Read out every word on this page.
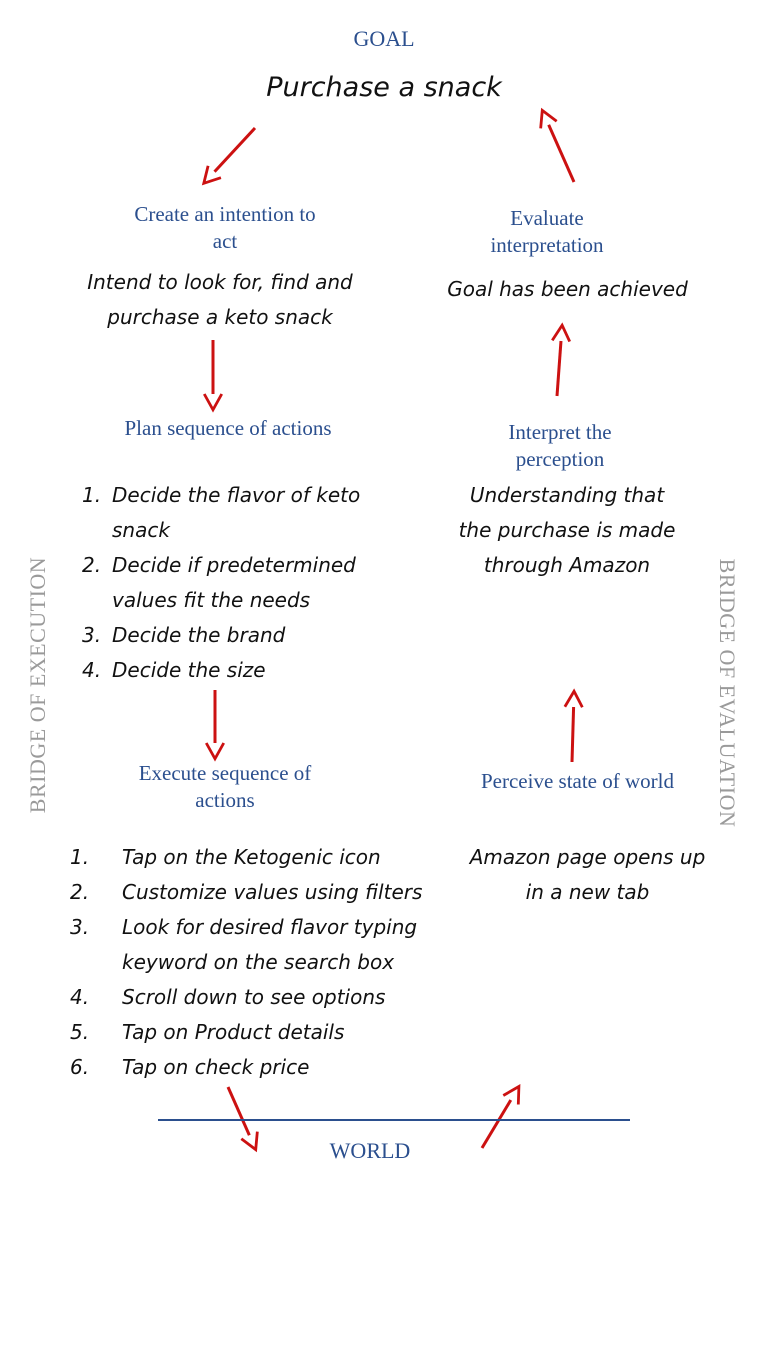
GOAL
Purchase a snack
Create an intention to act
Intend to look for, find and purchase a keto snack
Plan sequence of actions
1. Decide the flavor of keto snack
2. Decide if predetermined values fit the needs
3. Decide the brand
4. Decide the size
Execute sequence of actions
1.	Tap on the Ketogenic icon
2.	Customize values using filters
3.	Look for desired flavor typing keyword on the search box
4.	Scroll down to see options
5.	Tap on Product details
6.	Tap on check price
Evaluate interpretation
Goal has been achieved
Interpret the perception
Understanding that the purchase is made through Amazon
Perceive state of world
Amazon page opens up in a new tab
BRIDGE OF EXECUTION	BRIDGE OF EVALUATION
WORLD
